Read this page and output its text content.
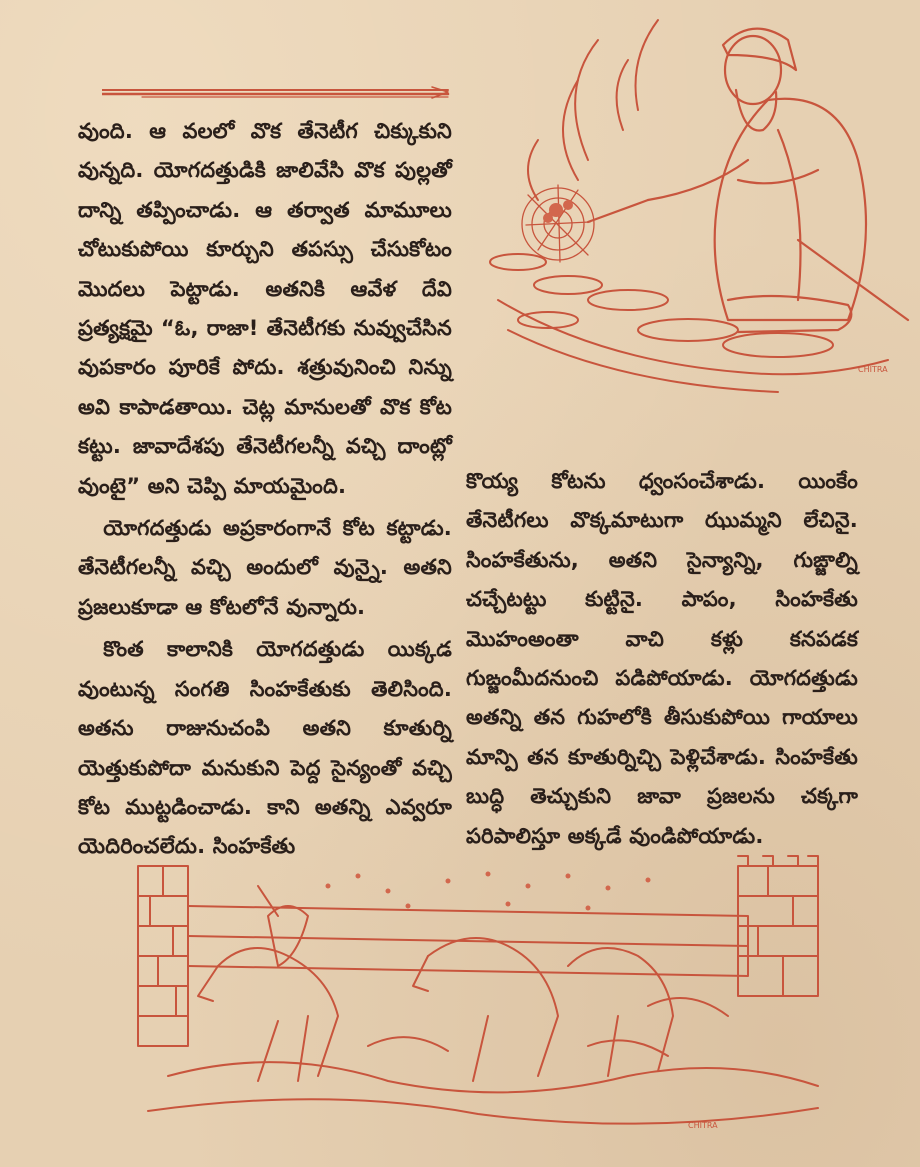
CHITRA

వుంది. ఆ వలలో వొక తేనెటీగ చిక్కుకుని వున్నది. యోగదత్తుడికి జాలివేసి వొక పుల్లతో దాన్ని తప్పించాడు. ఆ తర్వాత మామూలు చోటుకుపోయి కూర్చుని తపస్సు చేసుకోటం మొదలు పెట్టాడు. అతనికి ఆవేళ దేవి ప్రత్యక్షమై “ఓ, రాజా! తేనెటీగకు నువ్వుచేసిన వుపకారం పూరికే పోదు. శత్రువునించి నిన్ను అవి కాపాడతాయి. చెట్ల మానులతో వొక కోట కట్టు. జావాదేశపు తేనెటీగలన్నీ వచ్చి దాంట్లో వుంటై” అని చెప్పి మాయమైంది.

యోగదత్తుడు అప్రకారంగానే కోట కట్టాడు. తేనెటీగలన్నీ వచ్చి అందులో వున్నై. అతని ప్రజలుకూడా ఆ కోటలోనే వున్నారు.

కొంత కాలానికి యోగదత్తుడు యిక్కడ వుంటున్న సంగతి సింహకేతుకు తెలిసింది. అతను రాజునుచంపి అతని కూతుర్ని యెత్తుకుపోదా మనుకుని పెద్ద సైన్యంతో వచ్చి కోట ముట్టడించాడు. కాని అతన్ని ఎవ్వరూ యెదిరించలేదు. సింహకేతు

కొయ్య కోటను ధ్వంసంచేశాడు. యింకేం తేనెటీగలు వొక్కమాటుగా ఝుమ్మని లేచినై. సింహకేతును, అతని సైన్యాన్ని, గుఙ్జాల్ని చచ్చేటట్టు కుట్టినై. పాపం, సింహకేతు మొహంఅంతా వాచి కళ్లు కనపడక గుఙ్జంమీదనుంచి పడిపోయాడు. యోగదత్తుడు అతన్ని తన గుహలోకి తీసుకుపోయి గాయాలు మాన్పి తన కూతుర్నిచ్చి పెళ్లిచేశాడు. సింహకేతు బుద్ధి తెచ్చుకుని జావా ప్రజలను చక్కగా పరిపాలిస్తూ అక్కడే వుండిపోయాడు.

CHITRA
